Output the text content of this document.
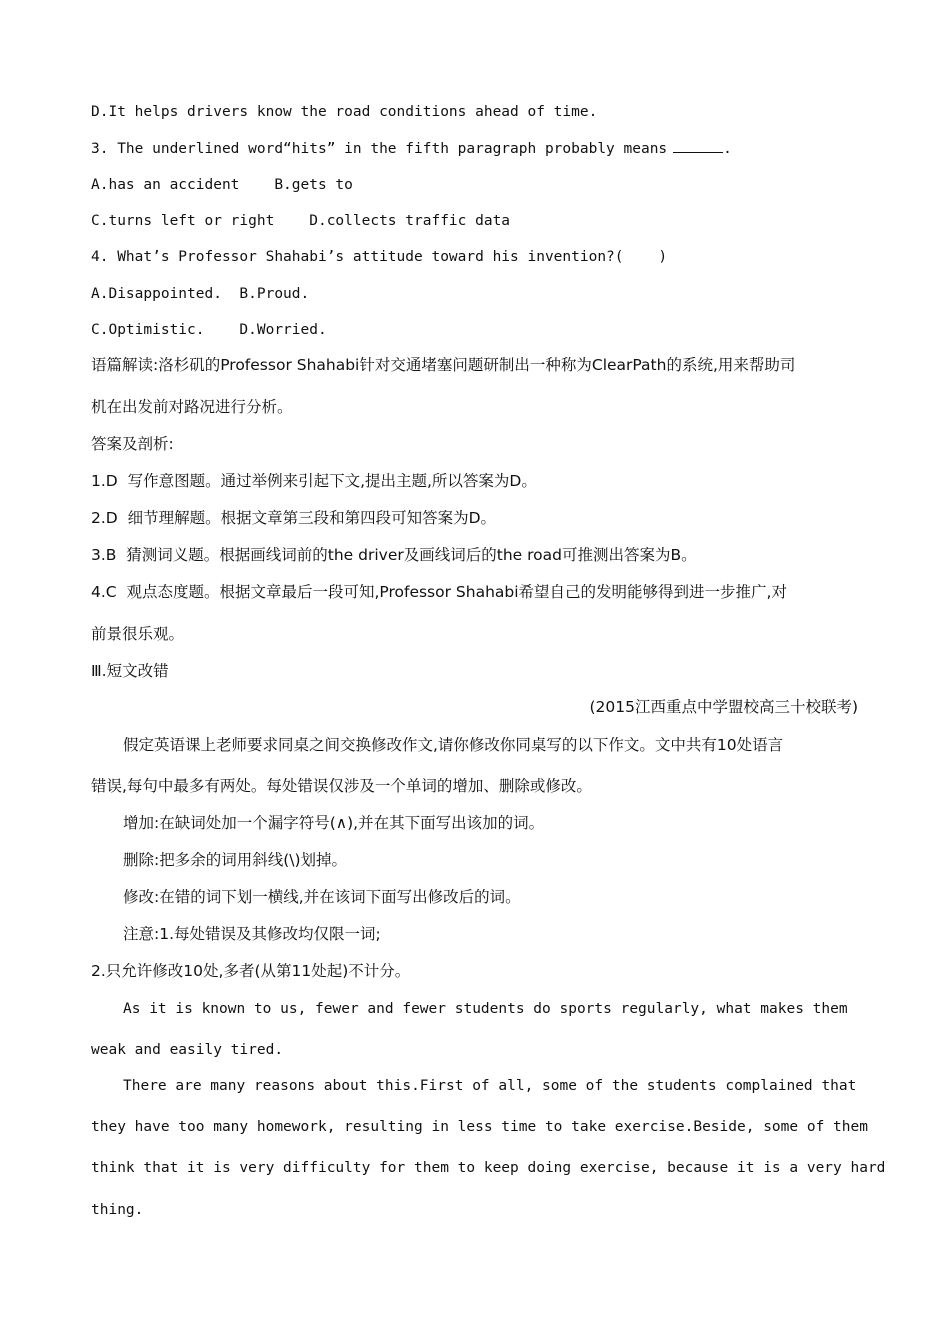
D.It helps drivers know the road conditions ahead of time.
3. The underlined word“hits” in the fifth paragraph probably means	.
A.has an accident    B.gets to
C.turns left or right    D.collects traffic data
4. What’s Professor Shahabi’s attitude toward his invention?(    )
A.Disappointed.  B.Proud.
C.Optimistic.    D.Worried.
语篇解读:洛杉矶的Professor Shahabi针对交通堵塞问题研制出一种称为ClearPath的系统,用来帮助司
机在出发前对路况进行分析。
答案及剖析:
1.D  写作意图题。通过举例来引起下文,提出主题,所以答案为D。
2.D  细节理解题。根据文章第三段和第四段可知答案为D。
3.B  猜测词义题。根据画线词前的the driver及画线词后的the road可推测出答案为B。
4.C  观点态度题。根据文章最后一段可知,Professor Shahabi希望自己的发明能够得到进一步推广,对
前景很乐观。
Ⅲ.短文改错
(2015江西重点中学盟校高三十校联考)
假定英语课上老师要求同桌之间交换修改作文,请你修改你同桌写的以下作文。文中共有10处语言
错误,每句中最多有两处。每处错误仅涉及一个单词的增加、删除或修改。
增加:在缺词处加一个漏字符号(∧),并在其下面写出该加的词。
删除:把多余的词用斜线(\)划掉。
修改:在错的词下划一横线,并在该词下面写出修改后的词。
注意:1.每处错误及其修改均仅限一词;
2.只允许修改10处,多者(从第11处起)不计分。
As it is known to us, fewer and fewer students do sports regularly, what makes them
weak and easily tired.
There are many reasons about this.First of all, some of the students complained that
they have too many homework, resulting in less time to take exercise.Beside, some of them
think that it is very difficulty for them to keep doing exercise, because it is a very hard
thing.
